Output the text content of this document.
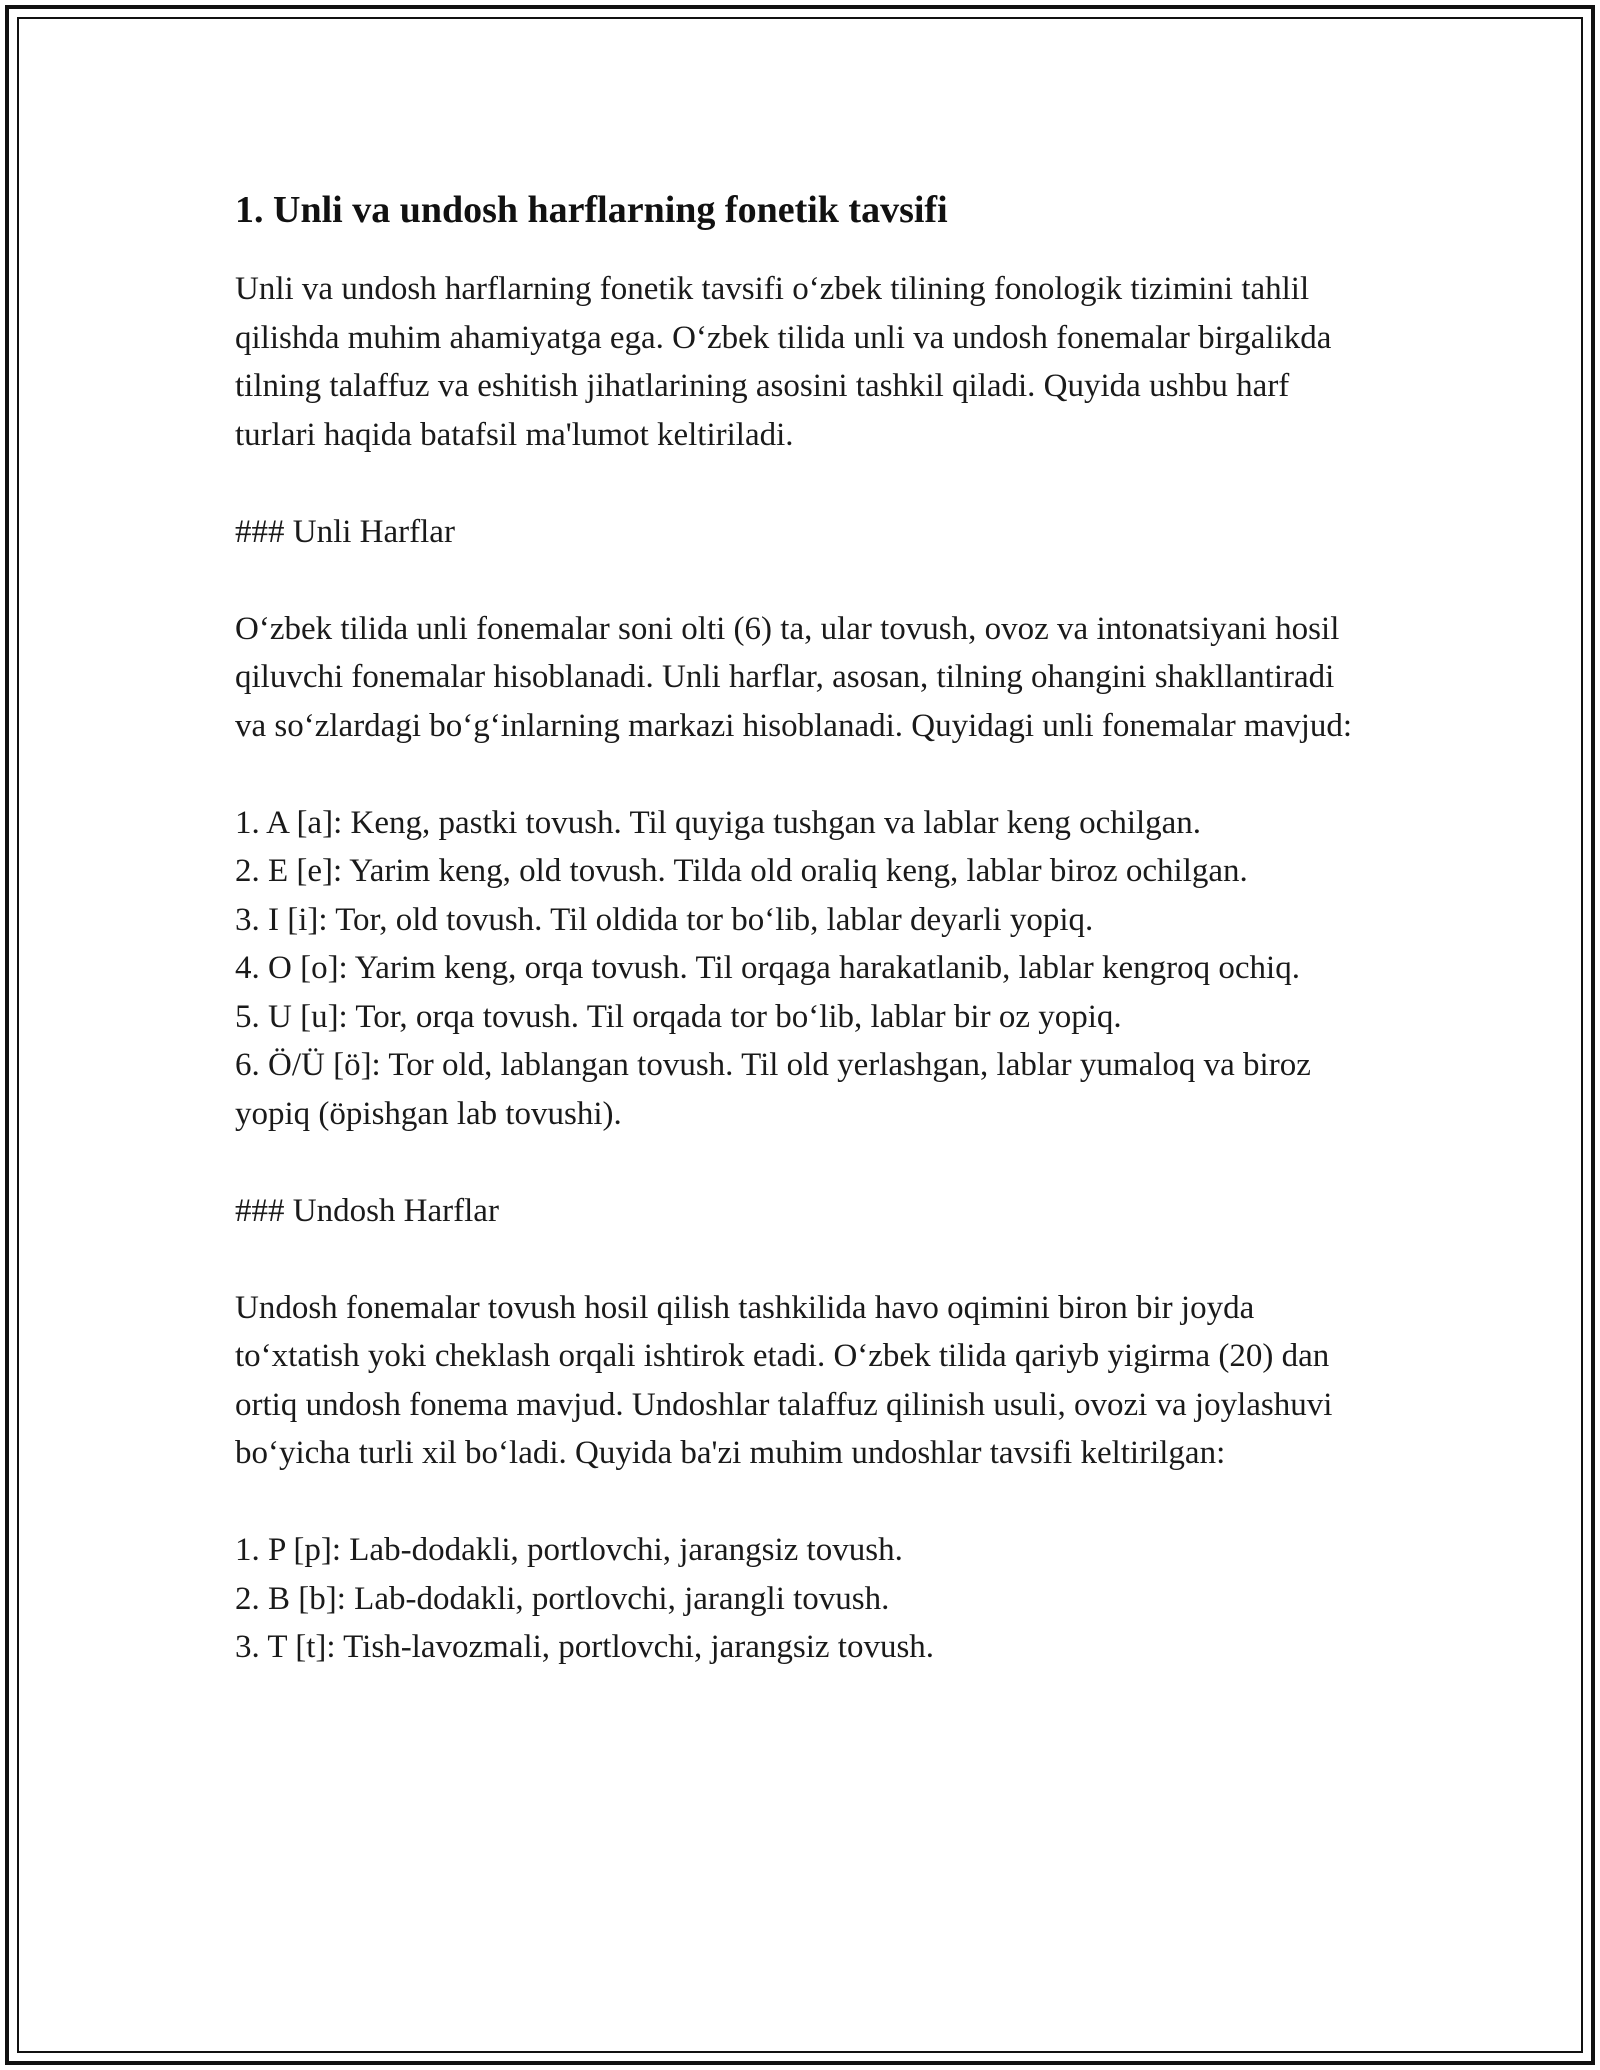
1. Unli va undosh harflarning fonetik tavsifi

Unli va undosh harflarning fonetik tavsifi o‘zbek tilining fonologik tizimini tahlil qilishda muhim ahamiyatga ega. O‘zbek tilida unli va undosh fonemalar birgalikda tilning talaffuz va eshitish jihatlarining asosini tashkil qiladi. Quyida ushbu harf turlari haqida batafsil ma'lumot keltiriladi.

### Unli Harflar

O‘zbek tilida unli fonemalar soni olti (6) ta, ular tovush, ovoz va intonatsiyani hosil qiluvchi fonemalar hisoblanadi. Unli harflar, asosan, tilning ohangini shakllantiradi va so‘zlardagi bo‘g‘inlarning markazi hisoblanadi. Quyidagi unli fonemalar mavjud:

1. A [a]: Keng, pastki tovush. Til quyiga tushgan va lablar keng ochilgan.

2. E [e]: Yarim keng, old tovush. Tilda old oraliq keng, lablar biroz ochilgan.

3. I [i]: Tor, old tovush. Til oldida tor bo‘lib, lablar deyarli yopiq.

4. O [o]: Yarim keng, orqa tovush. Til orqaga harakatlanib, lablar kengroq ochiq.

5. U [u]: Tor, orqa tovush. Til orqada tor bo‘lib, lablar bir oz yopiq.

6. Ö/Ü [ö]: Tor old, lablangan tovush. Til old yerlashgan, lablar yumaloq va biroz yopiq (öpishgan lab tovushi).

### Undosh Harflar

Undosh fonemalar tovush hosil qilish tashkilida havo oqimini biron bir joyda to‘xtatish yoki cheklash orqali ishtirok etadi. O‘zbek tilida qariyb yigirma (20) dan ortiq undosh fonema mavjud. Undoshlar talaffuz qilinish usuli, ovozi va joylashuvi bo‘yicha turli xil bo‘ladi. Quyida ba'zi muhim undoshlar tavsifi keltirilgan:

1. P [p]: Lab-dodakli, portlovchi, jarangsiz tovush.

2. B [b]: Lab-dodakli, portlovchi, jarangli tovush.

3. T [t]: Tish-lavozmali, portlovchi, jarangsiz tovush.
